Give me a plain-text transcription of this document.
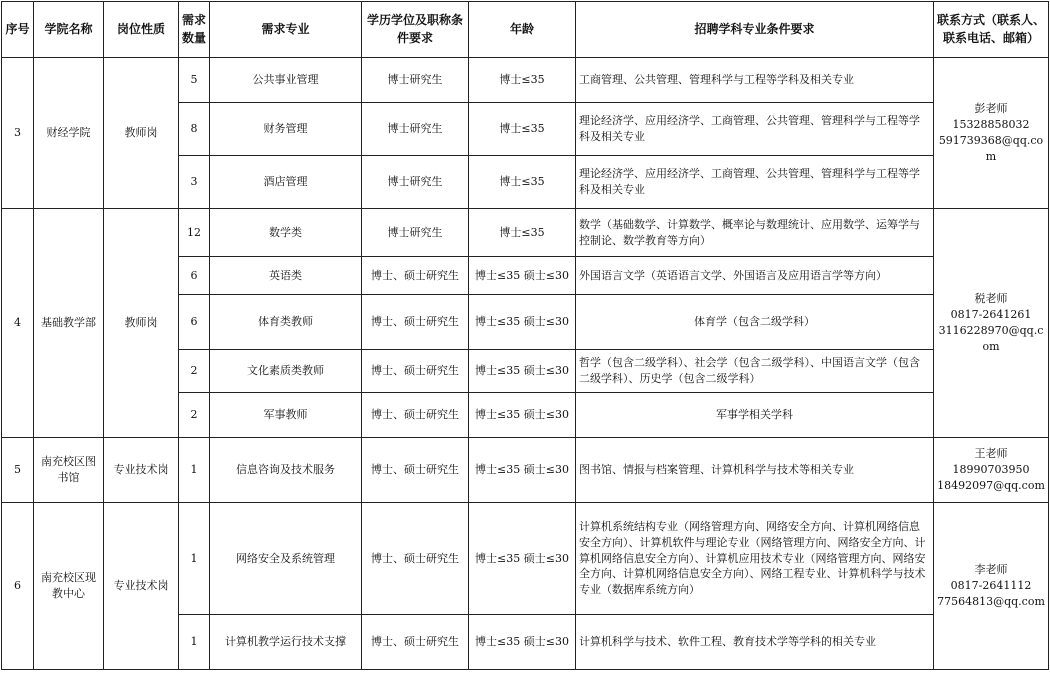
序号	学院名称	岗位性质	需求数量	需求专业	学历学位及职称条件要求	年龄	招聘学科专业条件要求	联系方式（联系人、联系电话、邮箱）
3	财经学院	教师岗	5	公共事业管理	博士研究生	博士≤35	工商管理、公共管理、管理科学与工程等学科及相关专业	彭老师
15328858032
591739368@qq.com

			8	财务管理	博士研究生	博士≤35	理论经济学、应用经济学、工商管理、公共管理、管理科学与工程等学科及相关专业	
			3	酒店管理	博士研究生	博士≤35	理论经济学、应用经济学、工商管理、公共管理、管理科学与工程等学科及相关专业	
4	基础教学部	教师岗	12	数学类	博士研究生	博士≤35	数学（基础数学、计算数学、概率论与数理统计、应用数学、运筹学与控制论、数学教育等方向）	税老师
0817-2641261
3116228970@qq.com

			6	英语类	博士、硕士研究生	博士≤35 硕士≤30	外国语言文学（英语语言文学、外国语言及应用语言学等方向）	
			6	体育类教师	博士、硕士研究生	博士≤35 硕士≤30	体育学（包含二级学科）	
			2	文化素质类教师	博士、硕士研究生	博士≤35 硕士≤30	哲学（包含二级学科）、社会学（包含二级学科）、中国语言文学（包含二级学科）、历史学（包含二级学科）	
			2	军事教师	博士、硕士研究生	博士≤35 硕士≤30	军事学相关学科	
5	南充校区图书馆	专业技术岗	1	信息咨询及技术服务	博士、硕士研究生	博士≤35 硕士≤30	图书馆、情报与档案管理、计算机科学与技术等相关专业	王老师
18990703950
18492097@qq.com

6	南充校区现教中心	专业技术岗	1	网络安全及系统管理	博士、硕士研究生	博士≤35 硕士≤30	计算机系统结构专业（网络管理方向、网络安全方向、计算机网络信息安全方向）、计算机软件与理论专业（网络管理方向、网络安全方向、计算机网络信息安全方向）、计算机应用技术专业（网络管理方向、网络安全方向、计算机网络信息安全方向）、网络工程专业、计算机科学与技术专业（数据库系统方向）	李老师
0817-2641112
77564813@qq.com

			1	计算机教学运行技术支撑	博士、硕士研究生	博士≤35 硕士≤30	计算机科学与技术、软件工程、教育技术学等学科的相关专业	
